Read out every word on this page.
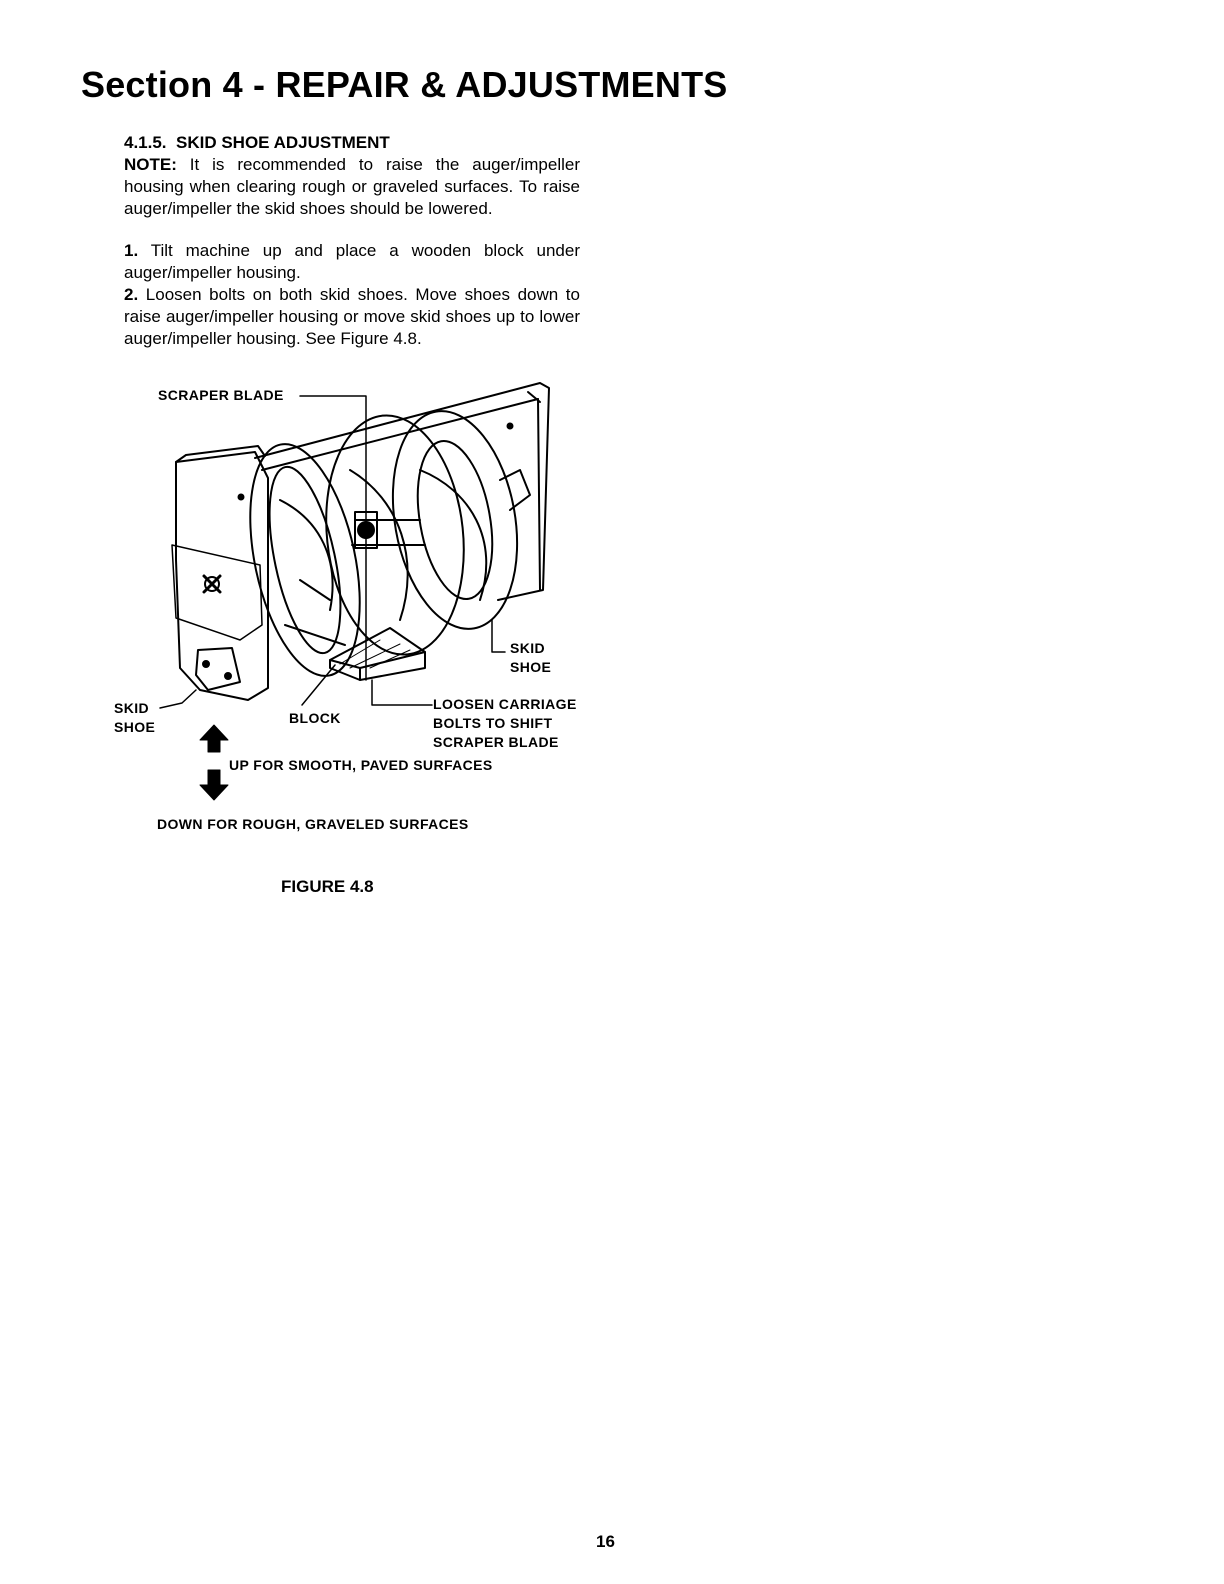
Section 4 - REPAIR & ADJUSTMENTS
4.1.5. SKID SHOE ADJUSTMENT

NOTE: It is recommended to raise the auger/impeller housing when clearing rough or graveled surfaces. To raise auger/impeller the skid shoes should be lowered.

1. Tilt machine up and place a wooden block under auger/impeller housing.

2. Loosen bolts on both skid shoes. Move shoes down to raise auger/impeller housing or move skid shoes up to lower auger/impeller housing. See Figure 4.8.

SCRAPER BLADE
SKID
SHOE
SKID
SHOE
BLOCK
LOOSEN CARRIAGE
BOLTS TO SHIFT
SCRAPER BLADE
UP FOR SMOOTH, PAVED SURFACES
DOWN FOR ROUGH, GRAVELED SURFACES
FIGURE 4.8
16
